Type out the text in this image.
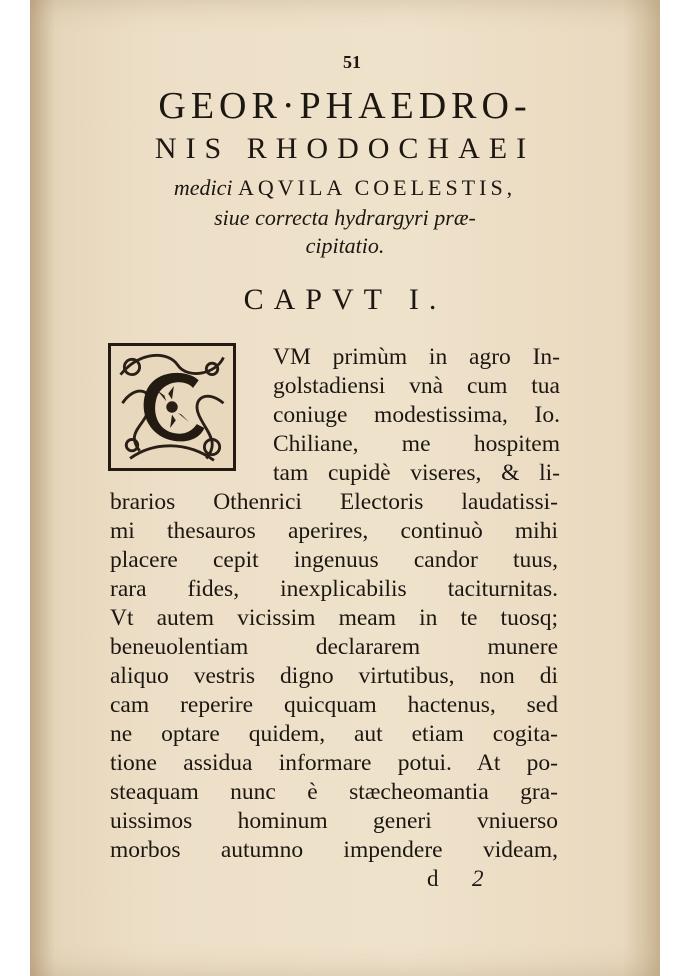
51
GEOR·PHAEDRO-
NIS RHODOCHAEI
medici AQVILA COELESTIS,
siue correcta hydrargyri præ-
cipitatio.
CAPVT I.
VM primùm in agro In-
golstadiensi vnà cum tua
coniuge modestissima, Io.
Chiliane, me hospitem
tam cupidè viseres, & li-
brarios Othenrici Electoris laudatissi-
mi thesauros aperires, continuò mihi
placere cepit ingenuus candor tuus,
rara fides, inexplicabilis taciturnitas.
Vt autem vicissim meam in te tuosq;
beneuolentiam declararem munere
aliquo vestris digno virtutibus, non di
cam reperire quicquam hactenus, sed
ne optare quidem, aut etiam cogita-
tione assidua informare potui. At po-
steaquam nunc è stæcheomantia gra-
uissimos hominum generi vniuerso
morbos autumno impendere videam,
d 2
